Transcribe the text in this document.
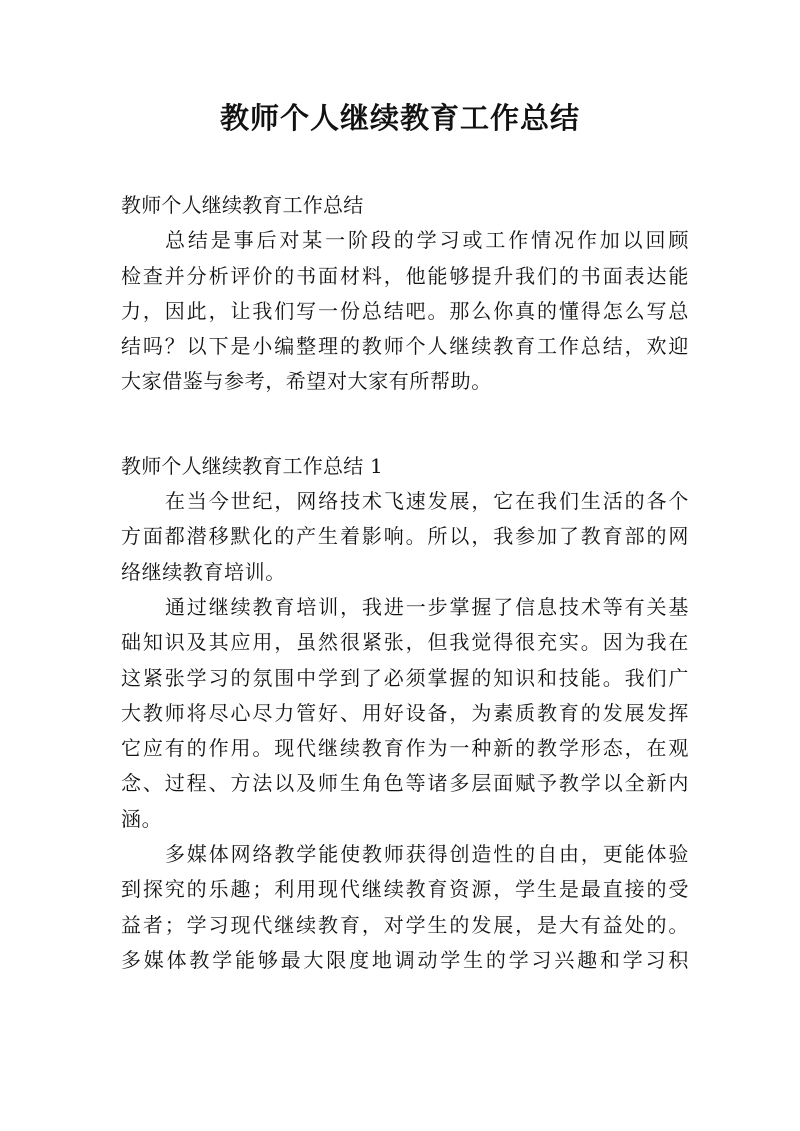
教师个人继续教育工作总结
教师个人继续教育工作总结
总结是事后对某一阶段的学习或工作情况作加以回顾
检查并分析评价的书面材料，他能够提升我们的书面表达能
力，因此，让我们写一份总结吧。那么你真的懂得怎么写总
结吗？以下是小编整理的教师个人继续教育工作总结，欢迎
大家借鉴与参考，希望对大家有所帮助。
教师个人继续教育工作总结 1
在当今世纪，网络技术飞速发展，它在我们生活的各个
方面都潜移默化的产生着影响。所以，我参加了教育部的网
络继续教育培训。
通过继续教育培训，我进一步掌握了信息技术等有关基
础知识及其应用，虽然很紧张，但我觉得很充实。因为我在
这紧张学习的氛围中学到了必须掌握的知识和技能。我们广
大教师将尽心尽力管好、用好设备，为素质教育的发展发挥
它应有的作用。现代继续教育作为一种新的教学形态，在观
念、过程、方法以及师生角色等诸多层面赋予教学以全新内
涵。
多媒体网络教学能使教师获得创造性的自由，更能体验
到探究的乐趣；利用现代继续教育资源，学生是最直接的受
益者；学习现代继续教育，对学生的发展，是大有益处的。
多媒体教学能够最大限度地调动学生的学习兴趣和学习积
